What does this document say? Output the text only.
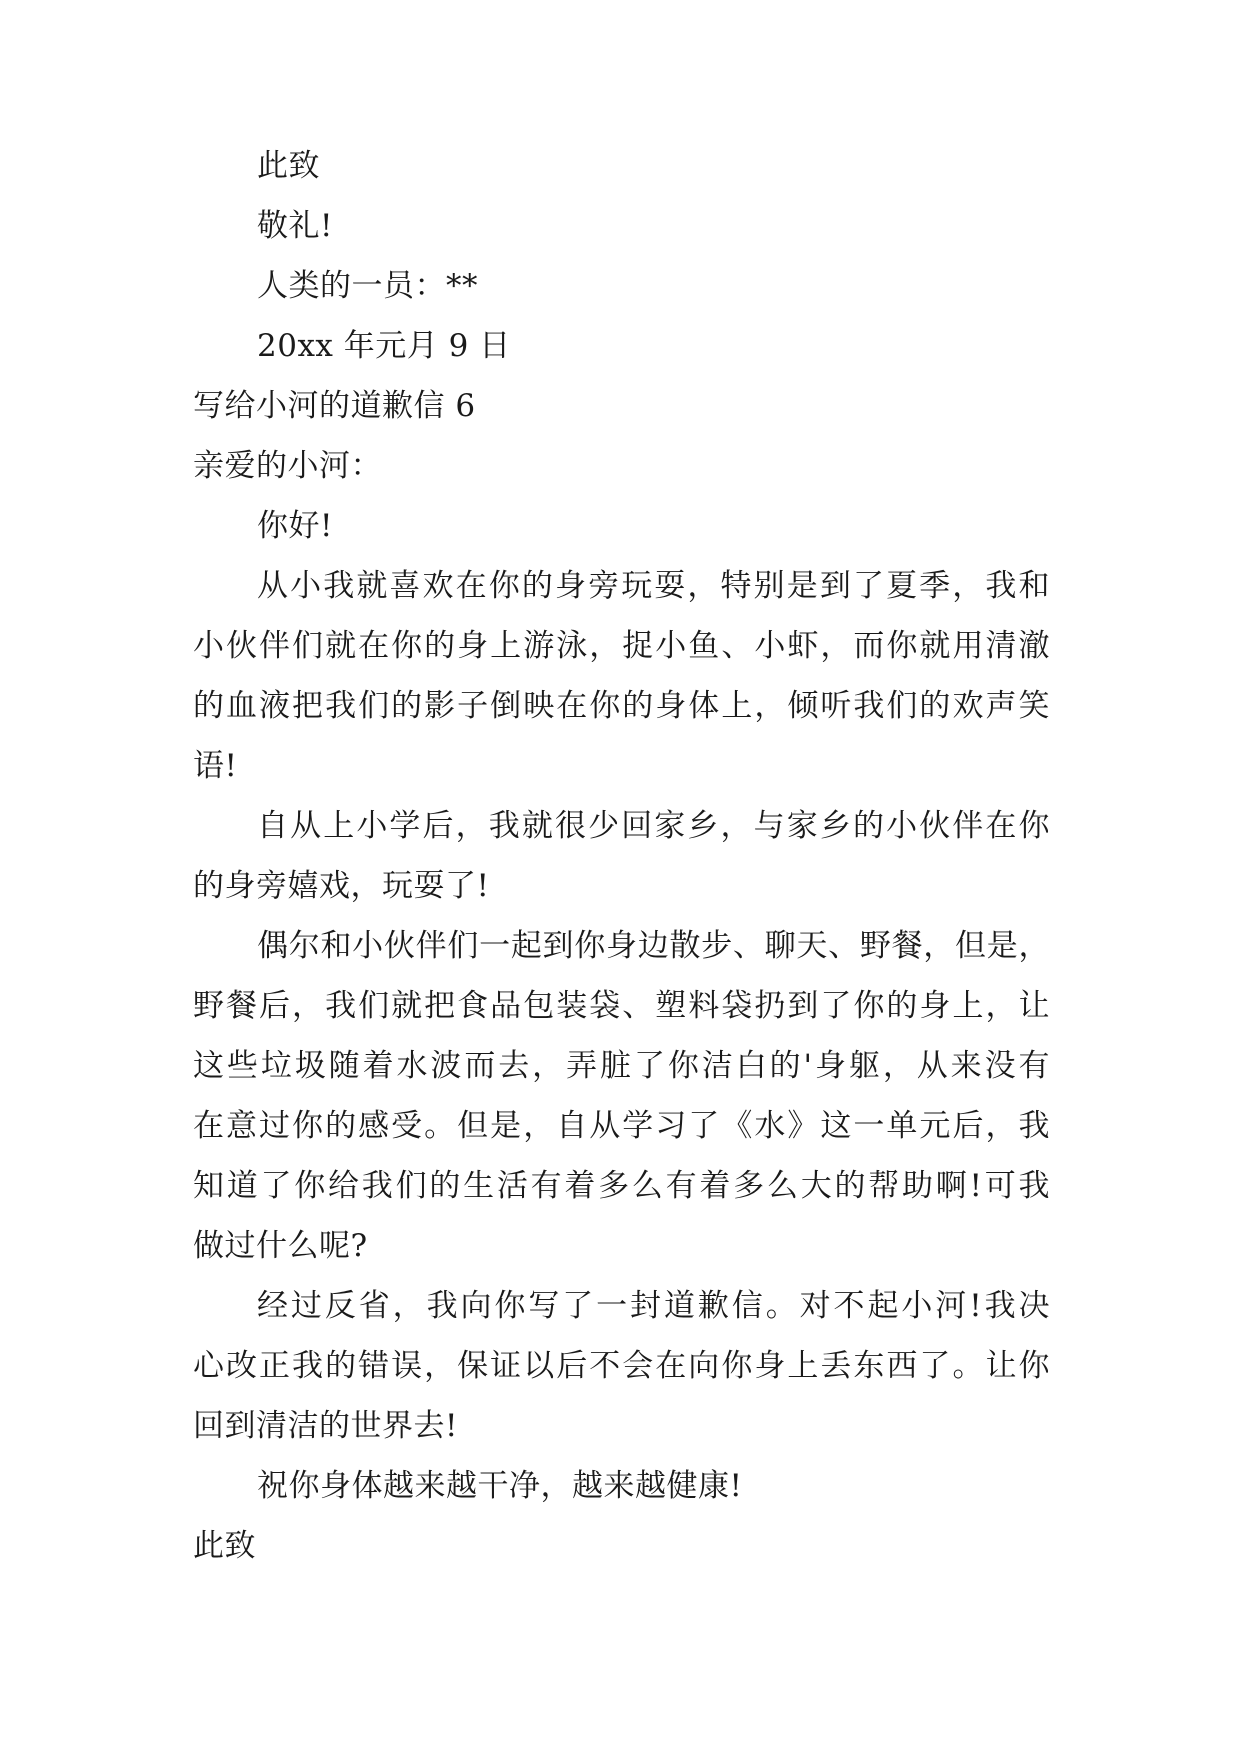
此致
敬礼!
人类的一员：**
20xx 年元月 9 日
写给小河的道歉信 6
亲爱的小河：
你好!
从小我就喜欢在你的身旁玩耍，特别是到了夏季，我和
小伙伴们就在你的身上游泳，捉小鱼、小虾，而你就用清澈
的血液把我们的影子倒映在你的身体上，倾听我们的欢声笑
语!
自从上小学后，我就很少回家乡，与家乡的小伙伴在你
的身旁嬉戏，玩耍了!
偶尔和小伙伴们一起到你身边散步、聊天、野餐，但是，
野餐后，我们就把食品包装袋、塑料袋扔到了你的身上，让
这些垃圾随着水波而去，弄脏了你洁白的'身躯，从来没有
在意过你的感受。但是，自从学习了《水》这一单元后，我
知道了你给我们的生活有着多么有着多么大的帮助啊!可我
做过什么呢?
经过反省，我向你写了一封道歉信。对不起小河!我决
心改正我的错误，保证以后不会在向你身上丢东西了。让你
回到清洁的世界去!
祝你身体越来越干净，越来越健康!
此致
